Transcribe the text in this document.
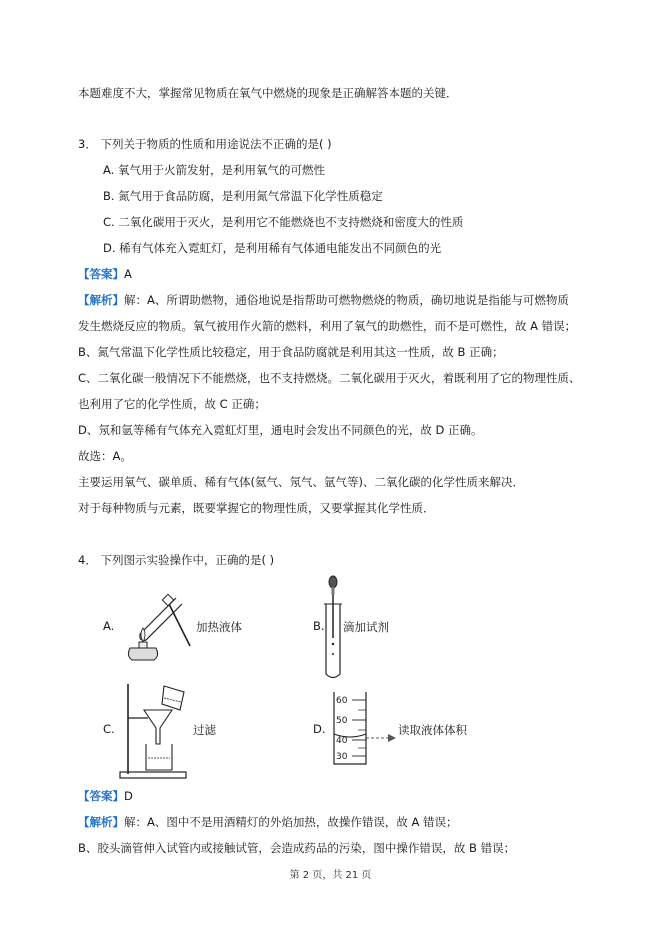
本题难度不大，掌握常见物质在氧气中燃烧的现象是正确解答本题的关键．
3． 下列关于物质的性质和用途说法不正确的是( )
A. 氧气用于火箭发射，是利用氧气的可燃性
B. 氮气用于食品防腐，是利用氮气常温下化学性质稳定
C. 二氧化碳用于灭火，是利用它不能燃烧也不支持燃烧和密度大的性质
D. 稀有气体充入霓虹灯，是利用稀有气体通电能发出不同颜色的光
【答案】A
【解析】解：A、所谓助燃物，通俗地说是指帮助可燃物燃烧的物质，确切地说是指能与可燃物质
发生燃烧反应的物质。氧气被用作火箭的燃料，利用了氧气的助燃性，而不是可燃性，故 A 错误；
B、氮气常温下化学性质比较稳定，用于食品防腐就是利用其这一性质，故 B 正确；
C、二氧化碳一般情况下不能燃烧，也不支持燃烧。二氧化碳用于灭火，着既利用了它的物理性质、
也利用了它的化学性质，故 C 正确；
D、氖和氩等稀有气体充入霓虹灯里，通电时会发出不同颜色的光，故 D 正确。
故选：A。
主要运用氧气、碳单质、稀有气体(氦气、氖气、氩气等)、二氧化碳的化学性质来解决．
对于每种物质与元素，既要掌握它的物理性质，又要掌握其化学性质．
4． 下列图示实验操作中，正确的是( )
A.	加热液体	B. 滴加试剂
C.	过滤	D.
60
50
40
30
读取液体体积
【答案】D
【解析】解：A、图中不是用酒精灯的外焰加热，故操作错误，故 A 错误；
B、胶头滴管伸入试管内或接触试管，会造成药品的污染，图中操作错误，故 B 错误；
第 2 页，共 21 页
